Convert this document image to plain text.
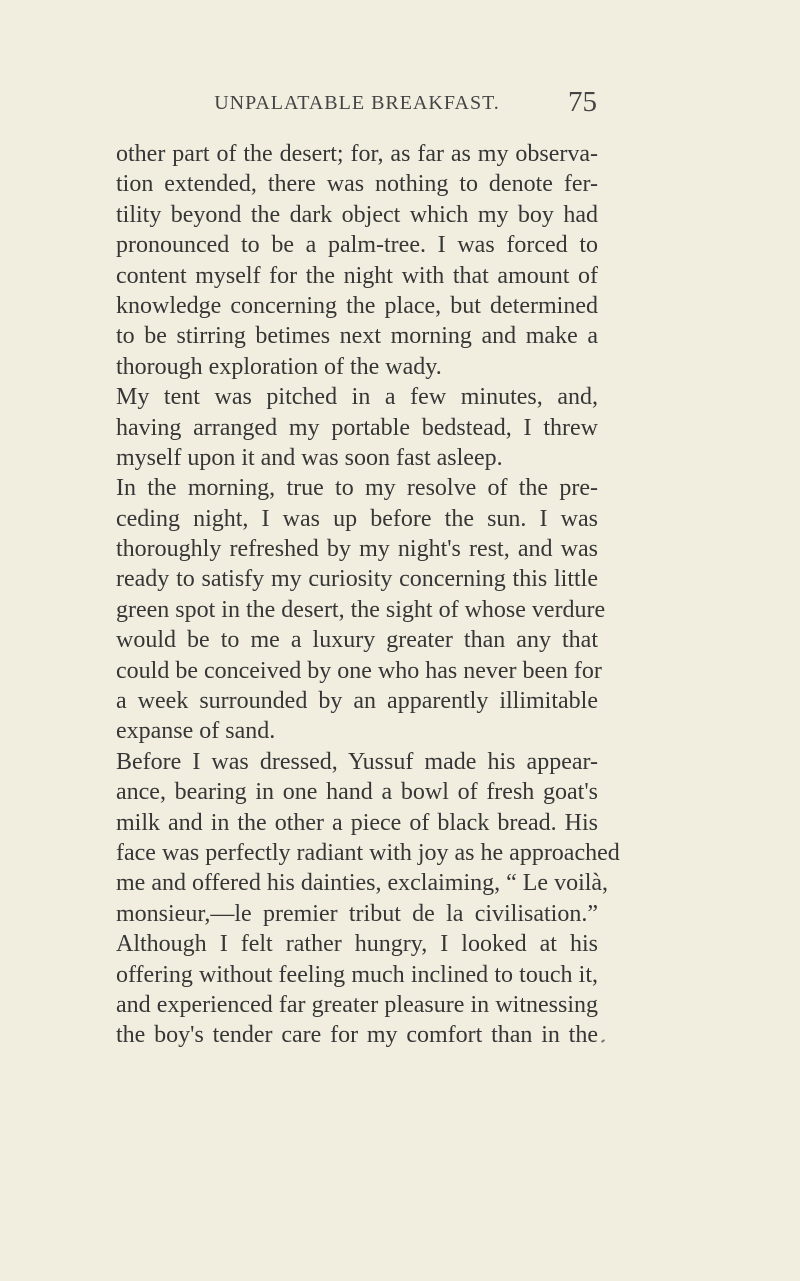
UNPALATABLE BREAKFAST.	75
other part of the desert; for, as far as my observa-
tion extended, there was nothing to denote fer-
tility beyond the dark object which my boy had
pronounced to be a palm-tree. I was forced to
content myself for the night with that amount of
knowledge concerning the place, but determined
to be stirring betimes next morning and make a
thorough exploration of the wady.
My tent was pitched in a few minutes, and,
having arranged my portable bedstead, I threw
myself upon it and was soon fast asleep.
In the morning, true to my resolve of the pre-
ceding night, I was up before the sun. I was
thoroughly refreshed by my night's rest, and was
ready to satisfy my curiosity concerning this little
green spot in the desert, the sight of whose verdure
would be to me a luxury greater than any that
could be conceived by one who has never been for
a week surrounded by an apparently illimitable
expanse of sand.
Before I was dressed, Yussuf made his appear-
ance, bearing in one hand a bowl of fresh goat's
milk and in the other a piece of black bread. His
face was perfectly radiant with joy as he approached
me and offered his dainties, exclaiming, “ Le voilà,
monsieur,—le premier tribut de la civilisation.”
Although I felt rather hungry, I looked at his
offering without feeling much inclined to touch it,
and experienced far greater pleasure in witnessing
the boy's tender care for my comfort than in the
